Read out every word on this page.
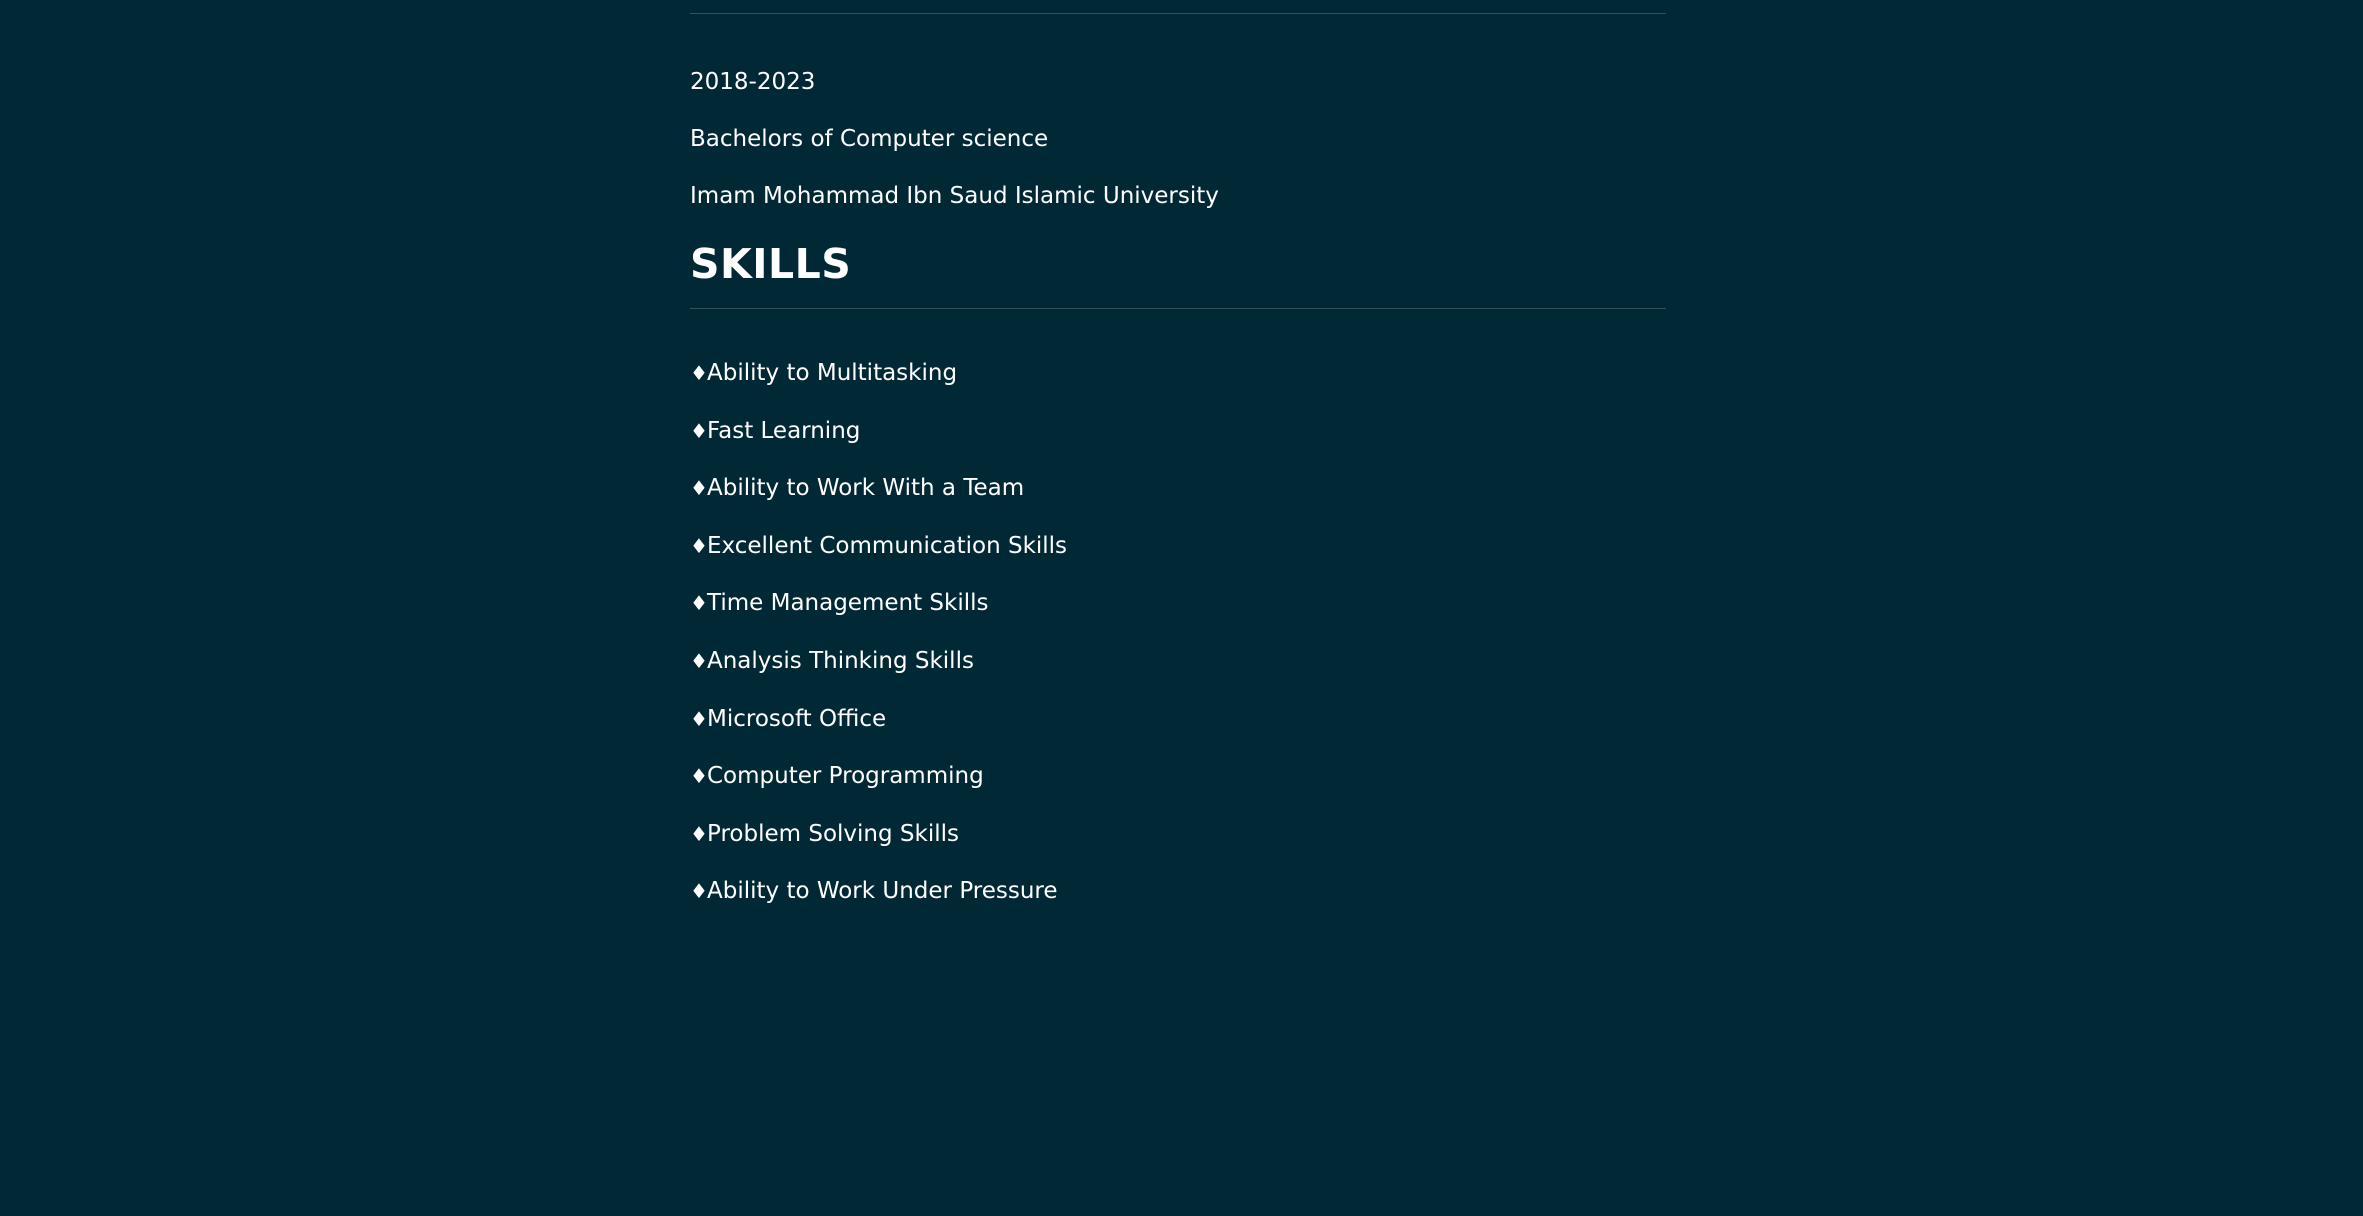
2018-2023
Bachelors of Computer science
Imam Mohammad Ibn Saud Islamic University
SKILLS
♦Ability to Multitasking
♦Fast Learning
♦Ability to Work With a Team
♦Excellent Communication Skills
♦Time Management Skills
♦Analysis Thinking Skills
♦Microsoft Office
♦Computer Programming
♦Problem Solving Skills
♦Ability to Work Under Pressure
